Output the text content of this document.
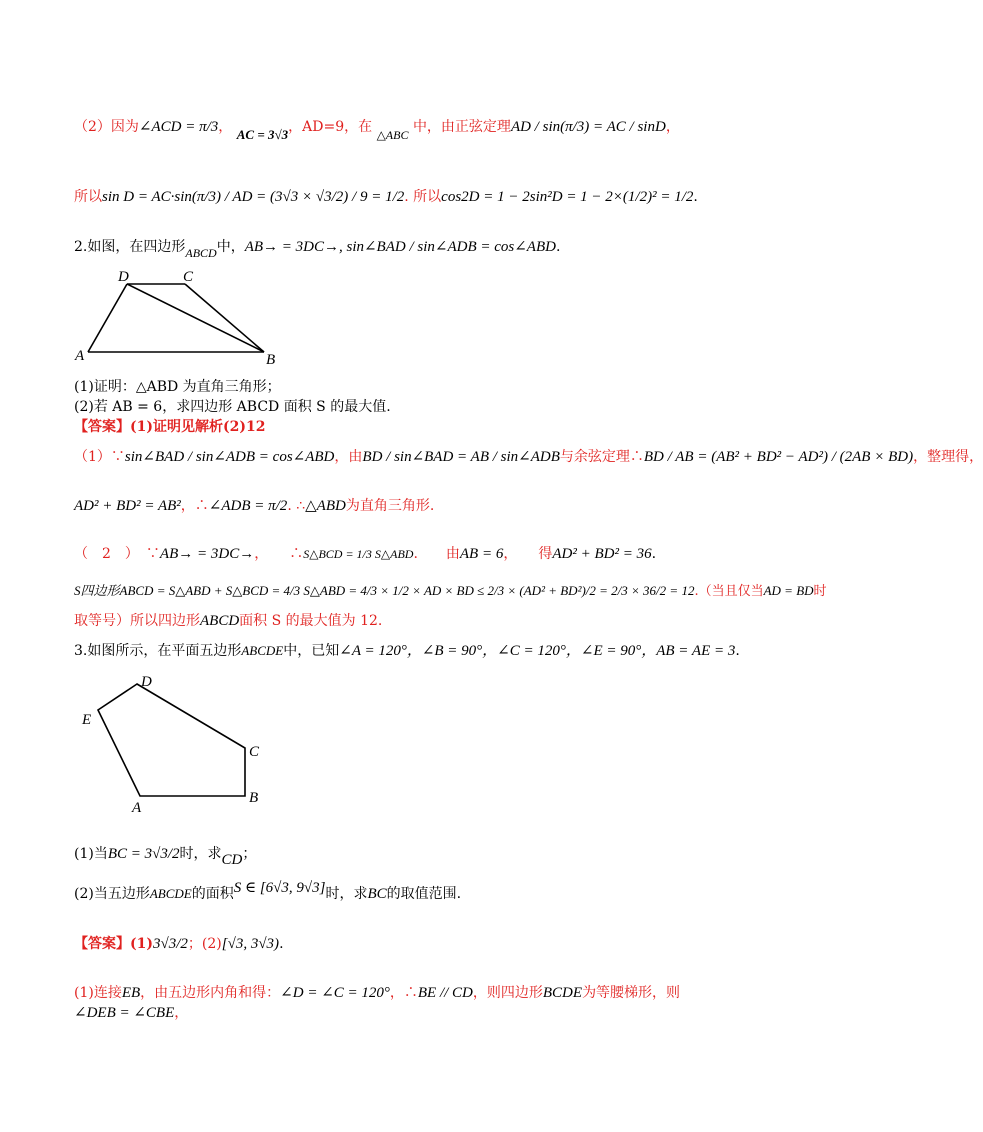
（2）因为∠ACD = π/3， AC = 3√3，AD=9，在 △ABC 中，由正弦定理AD / sin(π/3) = AC / sinD，
所以sin D = AC·sin(π/3) / AD = (3√3 × √3/2) / 9 = 1/2. 所以cos2D = 1 − 2sin²D = 1 − 2×(1/2)² = 1/2.
2.如图，在四边形ABCD中，AB→ = 3DC→, sin∠BAD / sin∠ADB = cos∠ABD.
D	C
A	B
(1)证明：△ABD 为直角三角形；
(2)若 AB = 6，求四边形 ABCD 面积 S 的最大值.
【答案】(1)证明见解析(2)12
（1）∵sin∠BAD / sin∠ADB = cos∠ABD，由BD / sin∠BAD = AB / sin∠ADB与余弦定理∴BD / AB = (AB² + BD² − AD²) / (2AB × BD)，整理得，
AD² + BD² = AB²，∴∠ADB = π/2. ∴△ABD为直角三角形.
（　2　）　∵AB→ = 3DC→，　　∴S△BCD = 1/3 S△ABD.　　由AB = 6，　　得AD² + BD² = 36.
S四边形ABCD = S△ABD + S△BCD = 4/3 S△ABD = 4/3 × 1/2 × AD × BD ≤ 2/3 × (AD² + BD²)/2 = 2/3 × 36/2 = 12.（当且仅当AD = BD时
取等号）所以四边形ABCD面积 S 的最大值为 12.
3.如图所示，在平面五边形ABCDE中，已知∠A = 120°，∠B = 90°，∠C = 120°，∠E = 90°，AB = AE = 3.
D
E
C
A
B
(1)当BC = 3√3/2时，求CD；
(2)当五边形ABCDE的面积S ∈ [6√3, 9√3]时，求BC的取值范围.
【答案】(1)3√3/2；(2)[√3, 3√3).
(1)连接EB，由五边形内角和得：∠D = ∠C = 120°，∴BE // CD，则四边形BCDE为等腰梯形，则
∠DEB = ∠CBE，
